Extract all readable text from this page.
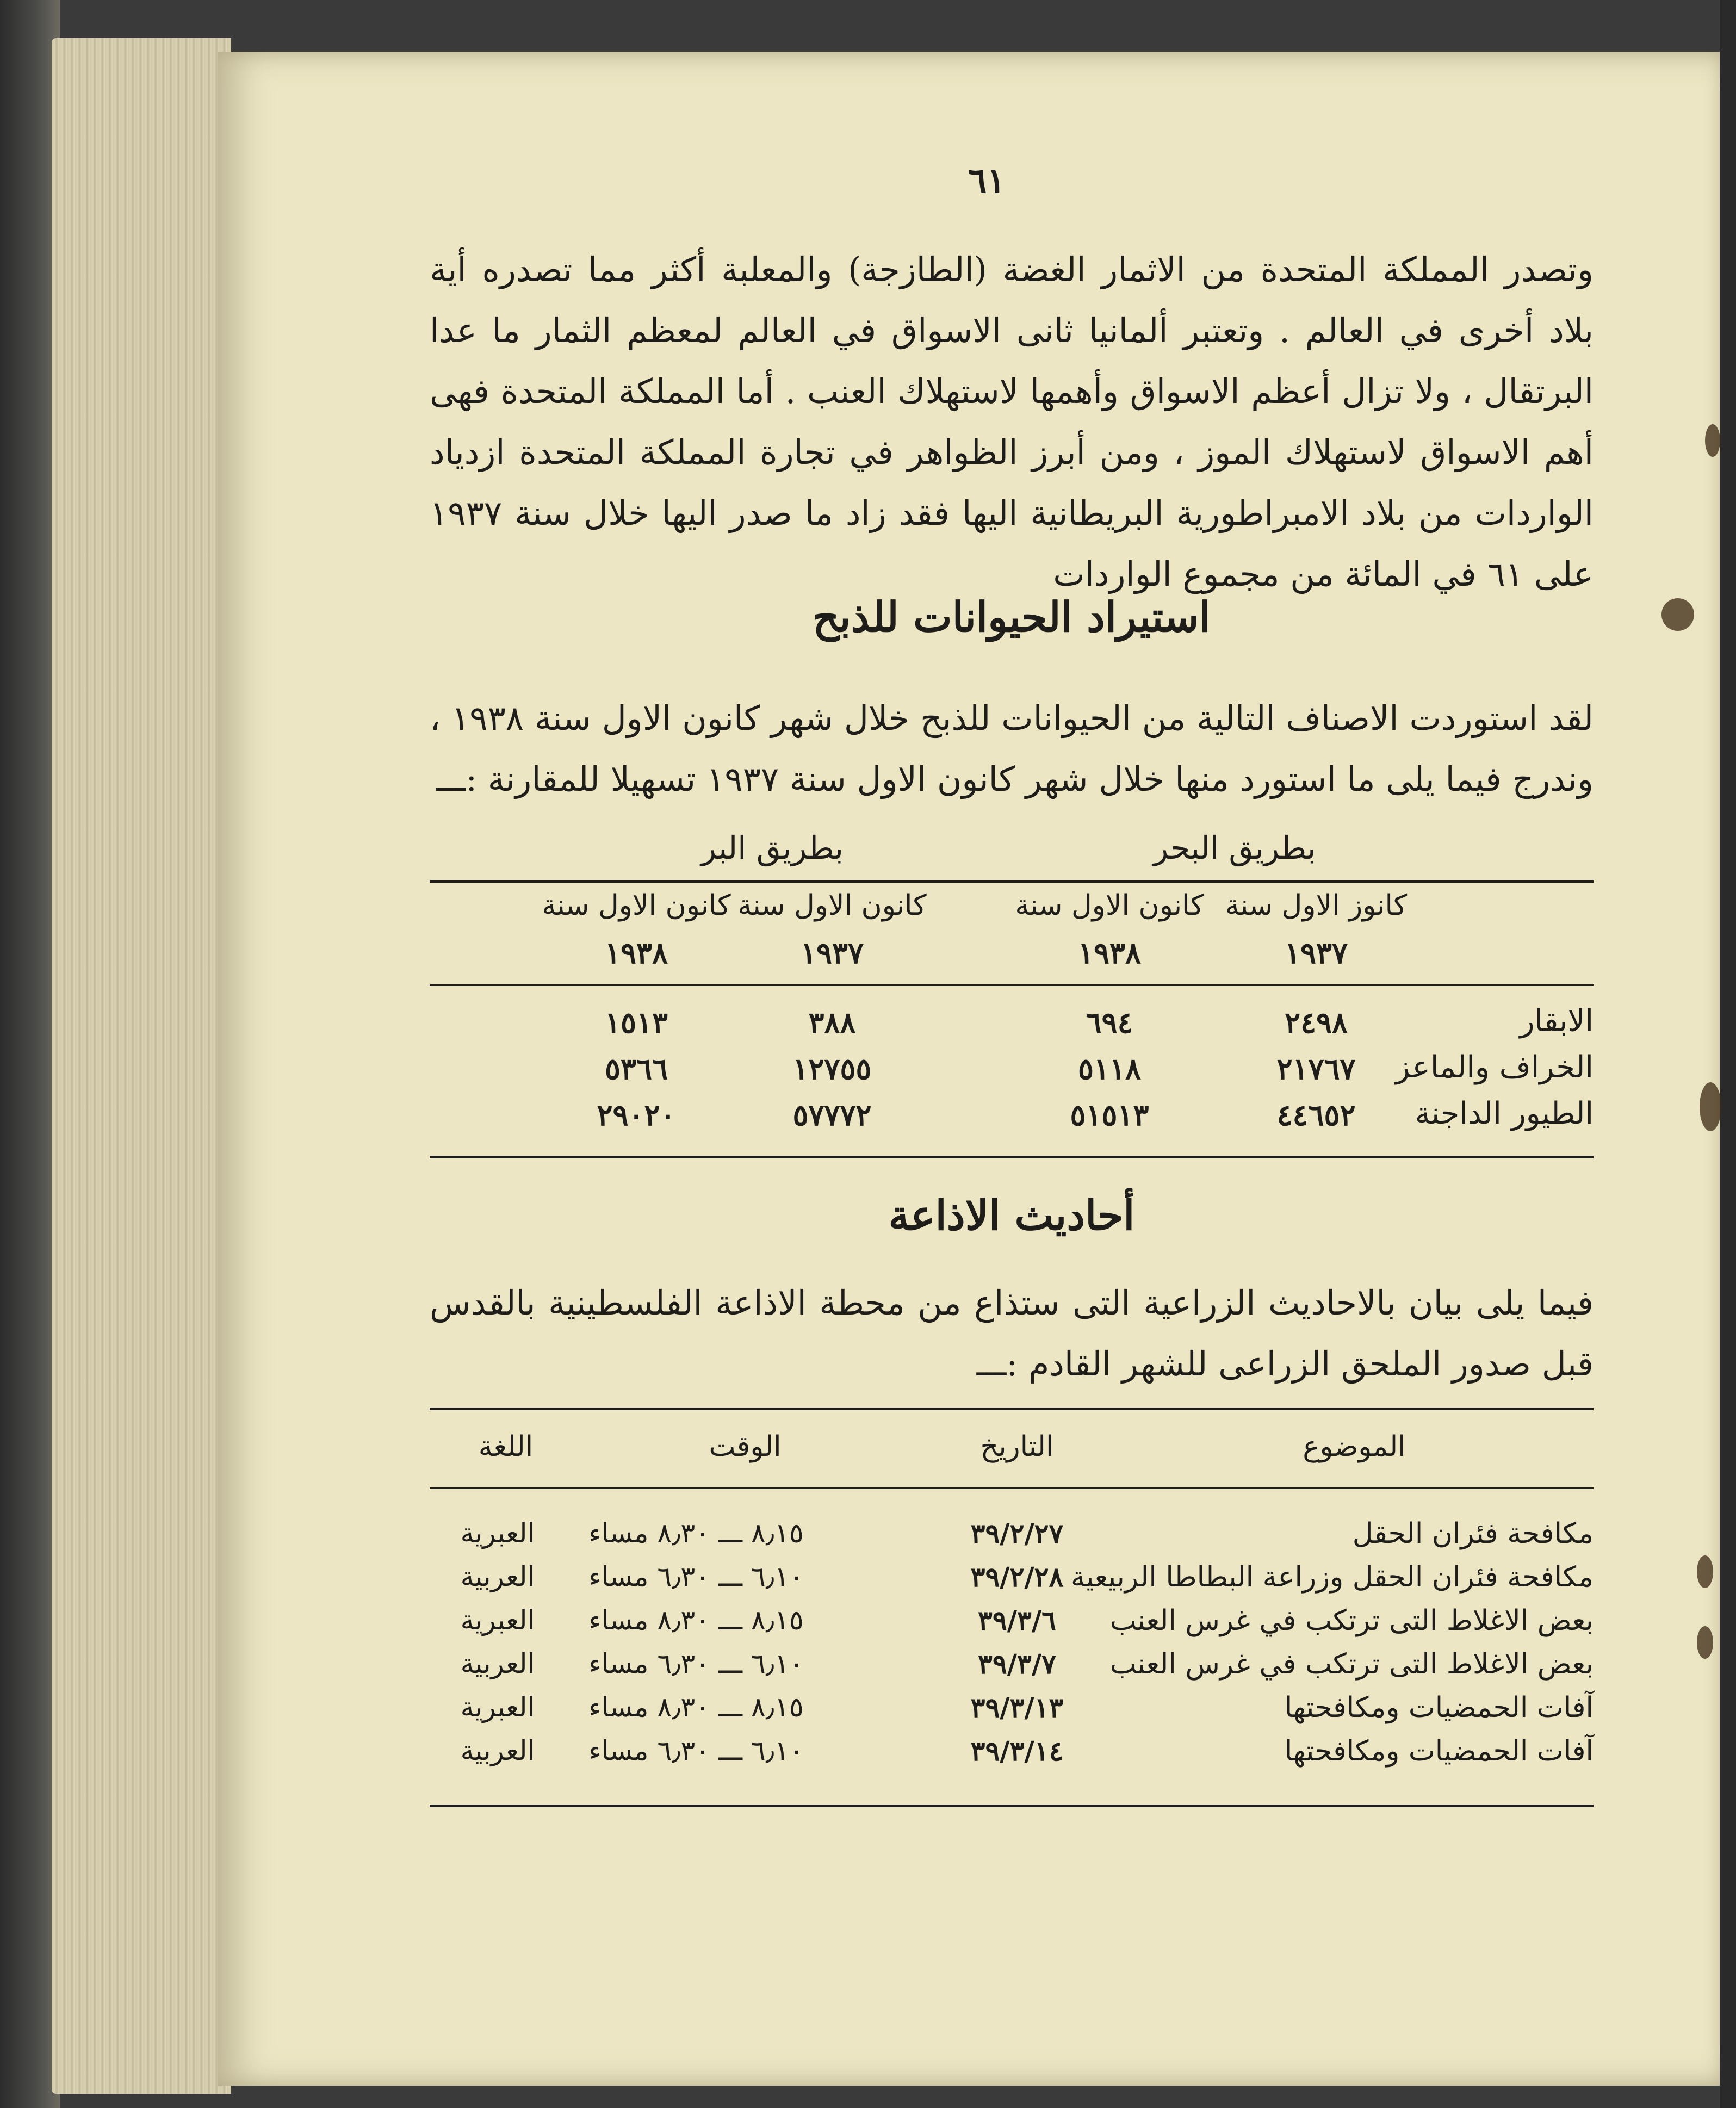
٦١
وتصدر المملكة المتحدة من الاثمار الغضة (الطازجة) والمعلبة أكثر مما تصدره أية بلاد أخرى في العالم . وتعتبر ألمانيا ثانى الاسواق في العالم لمعظم الثمار ما عدا البرتقال ، ولا تزال أعظم الاسواق وأهمها لاستهلاك العنب . أما المملكة المتحدة فهى أهم الاسواق لاستهلاك الموز ، ومن أبرز الظواهر في تجارة المملكة المتحدة ازدياد الواردات من بلاد الامبراطورية البريطانية اليها فقد زاد ما صدر اليها خلال سنة ١٩٣٧ على ٦١ في المائة من مجموع الواردات
استيراد الحيوانات للذبح
لقد استوردت الاصناف التالية من الحيوانات للذبح خلال شهر كانون الاول سنة ١٩٣٨ ، وندرج فيما يلى ما استورد منها خلال شهر كانون الاول سنة ١٩٣٧ تسهيلا للمقارنة :ـــ
بطريق البحر
بطريق البر
كانوز الاول سنة
كانون الاول سنة
كانون الاول سنة
كانون الاول سنة
١٩٣٧
١٩٣٨
١٩٣٧
١٩٣٨
الابقار
٢٤٩٨
٦٩٤
٣٨٨
١٥١٣
الخراف والماعز
٢١٧٦٧
٥١١٨
١٢٧٥٥
٥٣٦٦
الطيور الداجنة
٤٤٦٥٢
٥١٥١٣
٥٧٧٧٢
٢٩٠٢٠
أحاديث الاذاعة
فيما يلى بيان بالاحاديث الزراعية التى ستذاع من محطة الاذاعة الفلسطينية بالقدس قبل صدور الملحق الزراعى للشهر القادم :ـــ
الموضوع
التاريخ
الوقت
اللغة
مكافحة فئران الحقل
٣٩/٢/٢٧
٨٫١٥ ـــ ٨٫٣٠ مساء
العبرية
مكافحة فئران الحقل وزراعة البطاطا الربيعية
٣٩/٢/٢٨
٦٫١٠ ـــ ٦٫٣٠ مساء
العربية
بعض الاغلاط التى ترتكب في غرس العنب
٣٩/٣/٦
٨٫١٥ ـــ ٨٫٣٠ مساء
العبرية
بعض الاغلاط التى ترتكب في غرس العنب
٣٩/٣/٧
٦٫١٠ ـــ ٦٫٣٠ مساء
العربية
آفات الحمضيات ومكافحتها
٣٩/٣/١٣
٨٫١٥ ـــ ٨٫٣٠ مساء
العبرية
آفات الحمضيات ومكافحتها
٣٩/٣/١٤
٦٫١٠ ـــ ٦٫٣٠ مساء
العربية
